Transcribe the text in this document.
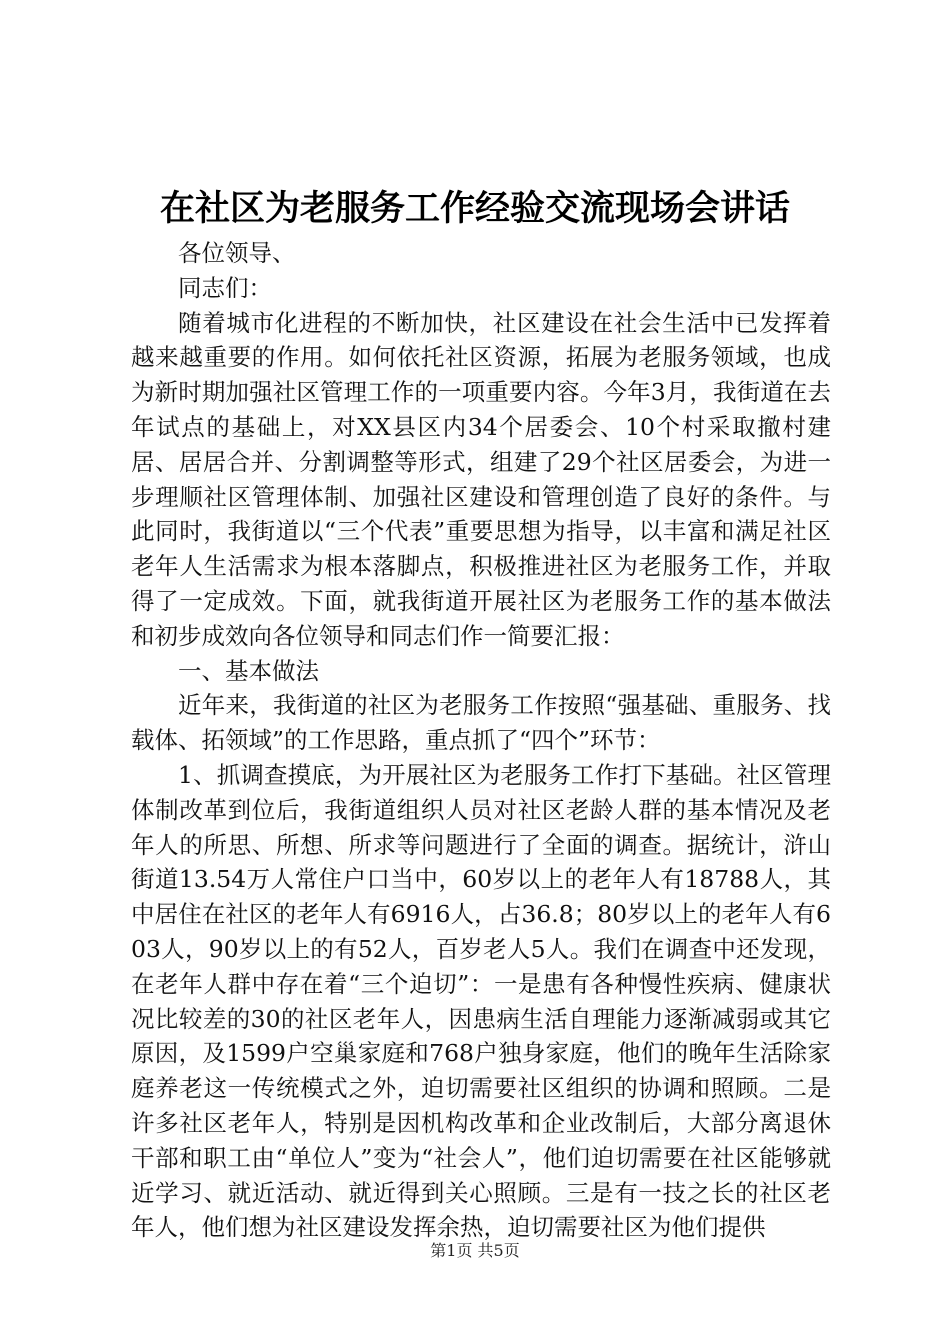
在社区为老服务工作经验交流现场会讲话

各位领导、

同志们：

随着城市化进程的不断加快，社区建设在社会生活中已发挥着越来越重要的作用。如何依托社区资源，拓展为老服务领域，也成为新时期加强社区管理工作的一项重要内容。今年3月，我街道在去年试点的基础上，对XX县区内34个居委会、10个村采取撤村建居、居居合并、分割调整等形式，组建了29个社区居委会，为进一步理顺社区管理体制、加强社区建设和管理创造了良好的条件。与此同时，我街道以“三个代表”重要思想为指导，以丰富和满足社区老年人生活需求为根本落脚点，积极推进社区为老服务工作，并取得了一定成效。下面，就我街道开展社区为老服务工作的基本做法和初步成效向各位领导和同志们作一简要汇报：

一、基本做法

近年来，我街道的社区为老服务工作按照“强基础、重服务、找载体、拓领域”的工作思路，重点抓了“四个”环节：

1、抓调查摸底，为开展社区为老服务工作打下基础。社区管理体制改革到位后，我街道组织人员对社区老龄人群的基本情况及老年人的所思、所想、所求等问题进行了全面的调查。据统计，浒山街道13.54万人常住户口当中，60岁以上的老年人有18788人，其中居住在社区的老年人有6916人，占36.8；80岁以上的老年人有603人，90岁以上的有52人，百岁老人5人。我们在调查中还发现，在老年人群中存在着“三个迫切”：一是患有各种慢性疾病、健康状况比较差的30的社区老年人，因患病生活自理能力逐渐减弱或其它原因，及1599户空巢家庭和768户独身家庭，他们的晚年生活除家庭养老这一传统模式之外，迫切需要社区组织的协调和照顾。二是许多社区老年人，特别是因机构改革和企业改制后，大部分离退休干部和职工由“单位人”变为“社会人”，他们迫切需要在社区能够就近学习、就近活动、就近得到关心照顾。三是有一技之长的社区老年人，他们想为社区建设发挥余热，迫切需要社区为他们提供

第1页 共5页
